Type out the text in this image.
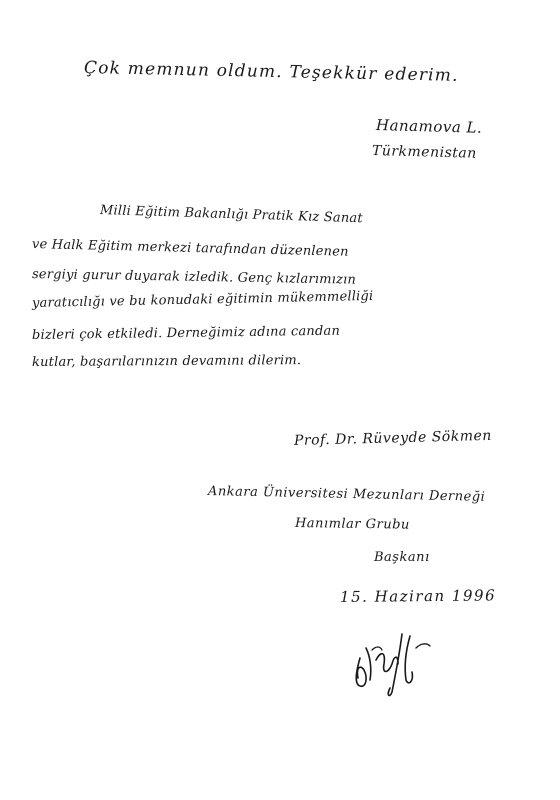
Çok memnun oldum. Teşekkür ederim.
Hanamova L.
Türkmenistan
Milli Eğitim Bakanlığı Pratik Kız Sanat
ve Halk Eğitim merkezi tarafından düzenlenen
sergiyi gurur duyarak izledik. Genç kızlarımızın
yaratıcılığı ve bu konudaki eğitimin mükemmelliği
bizleri çok etkiledi. Derneğimiz adına candan
kutlar, başarılarınızın devamını dilerim.
Prof. Dr. Rüveyde Sökmen
Ankara Üniversitesi Mezunları Derneği
Hanımlar Grubu
Başkanı
15. Haziran 1996
